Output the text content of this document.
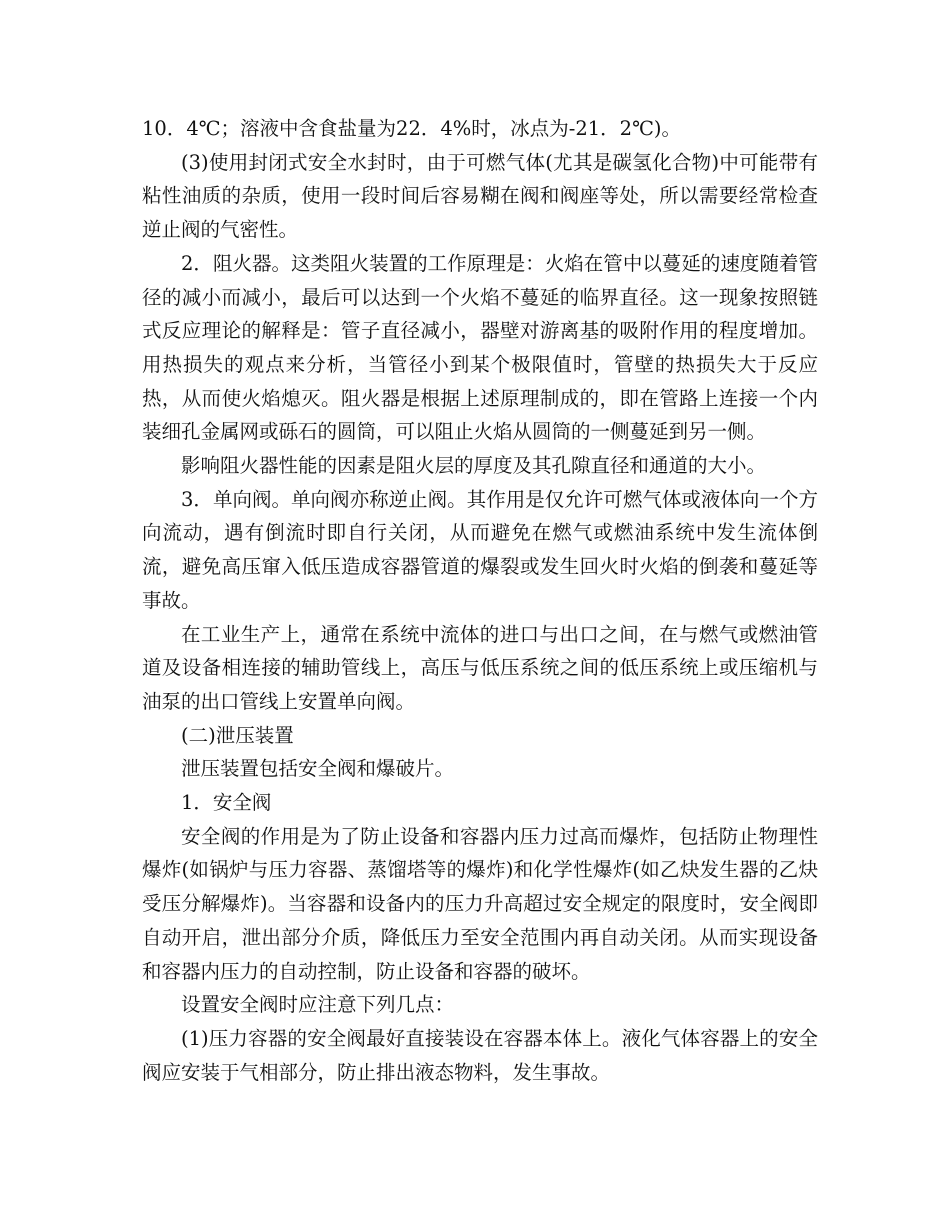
10．4℃；溶液中含食盐量为22．4%时，冰点为-21．2℃)。

(3)使用封闭式安全水封时，由于可燃气体(尤其是碳氢化合物)中可能带有粘性油质的杂质，使用一段时间后容易糊在阀和阀座等处，所以需要经常检查逆止阀的气密性。

2．阻火器。这类阻火装置的工作原理是：火焰在管中以蔓延的速度随着管径的减小而减小，最后可以达到一个火焰不蔓延的临界直径。这一现象按照链式反应理论的解释是：管子直径减小，器壁对游离基的吸附作用的程度增加。用热损失的观点来分析，当管径小到某个极限值时，管壁的热损失大于反应热，从而使火焰熄灭。阻火器是根据上述原理制成的，即在管路上连接一个内装细孔金属网或砾石的圆筒，可以阻止火焰从圆筒的一侧蔓延到另一侧。

影响阻火器性能的因素是阻火层的厚度及其孔隙直径和通道的大小。

3．单向阀。单向阀亦称逆止阀。其作用是仅允许可燃气体或液体向一个方向流动，遇有倒流时即自行关闭，从而避免在燃气或燃油系统中发生流体倒流，避免高压窜入低压造成容器管道的爆裂或发生回火时火焰的倒袭和蔓延等事故。

在工业生产上，通常在系统中流体的进口与出口之间，在与燃气或燃油管道及设备相连接的辅助管线上，高压与低压系统之间的低压系统上或压缩机与油泵的出口管线上安置单向阀。

(二)泄压装置

泄压装置包括安全阀和爆破片。

1．安全阀

安全阀的作用是为了防止设备和容器内压力过高而爆炸，包括防止物理性爆炸(如锅炉与压力容器、蒸馏塔等的爆炸)和化学性爆炸(如乙炔发生器的乙炔受压分解爆炸)。当容器和设备内的压力升高超过安全规定的限度时，安全阀即自动开启，泄出部分介质，降低压力至安全范围内再自动关闭。从而实现设备和容器内压力的自动控制，防止设备和容器的破坏。

设置安全阀时应注意下列几点：

(1)压力容器的安全阀最好直接装设在容器本体上。液化气体容器上的安全阀应安装于气相部分，防止排出液态物料，发生事故。
